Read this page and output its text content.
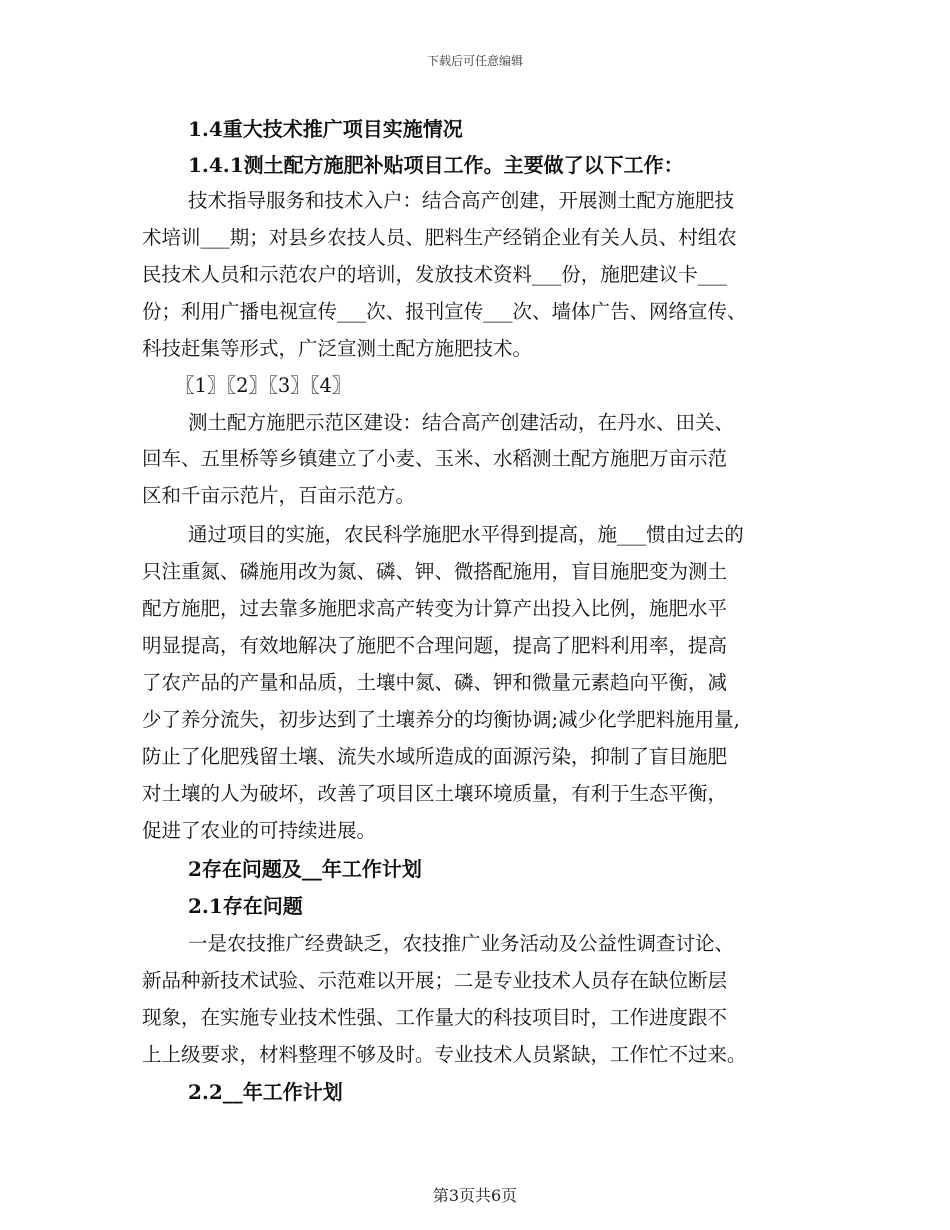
下载后可任意编辑
1.4重大技术推广项目实施情况
1.4.1测土配方施肥补贴项目工作。主要做了以下工作：
技术指导服务和技术入户：结合高产创建，开展测土配方施肥技
术培训___期；对县乡农技人员、肥料生产经销企业有关人员、村组农
民技术人员和示范农户的培训，发放技术资料___份，施肥建议卡___
份；利用广播电视宣传___次、报刊宣传___次、墙体广告、网络宣传、
科技赶集等形式，广泛宣测土配方施肥技术。
〖1〗〖2〗〖3〗〖4〗
测土配方施肥示范区建设：结合高产创建活动，在丹水、田关、
回车、五里桥等乡镇建立了小麦、玉米、水稻测土配方施肥万亩示范
区和千亩示范片，百亩示范方。
通过项目的实施，农民科学施肥水平得到提高，施___惯由过去的
只注重氮、磷施用改为氮、磷、钾、微搭配施用，盲目施肥变为测土
配方施肥，过去靠多施肥求高产转变为计算产出投入比例，施肥水平
明显提高，有效地解决了施肥不合理问题，提高了肥料利用率，提高
了农产品的产量和品质，土壤中氮、磷、钾和微量元素趋向平衡，减
少了养分流失，初步达到了土壤养分的均衡协调;减少化学肥料施用量,
防止了化肥残留土壤、流失水域所造成的面源污染，抑制了盲目施肥
对土壤的人为破坏，改善了项目区土壤环境质量，有利于生态平衡，
促进了农业的可持续进展。
2存在问题及__年工作计划
2.1存在问题
一是农技推广经费缺乏，农技推广业务活动及公益性调查讨论、
新品种新技术试验、示范难以开展；二是专业技术人员存在缺位断层
现象，在实施专业技术性强、工作量大的科技项目时，工作进度跟不
上上级要求，材料整理不够及时。专业技术人员紧缺，工作忙不过来。
2.2__年工作计划
第3页共6页
